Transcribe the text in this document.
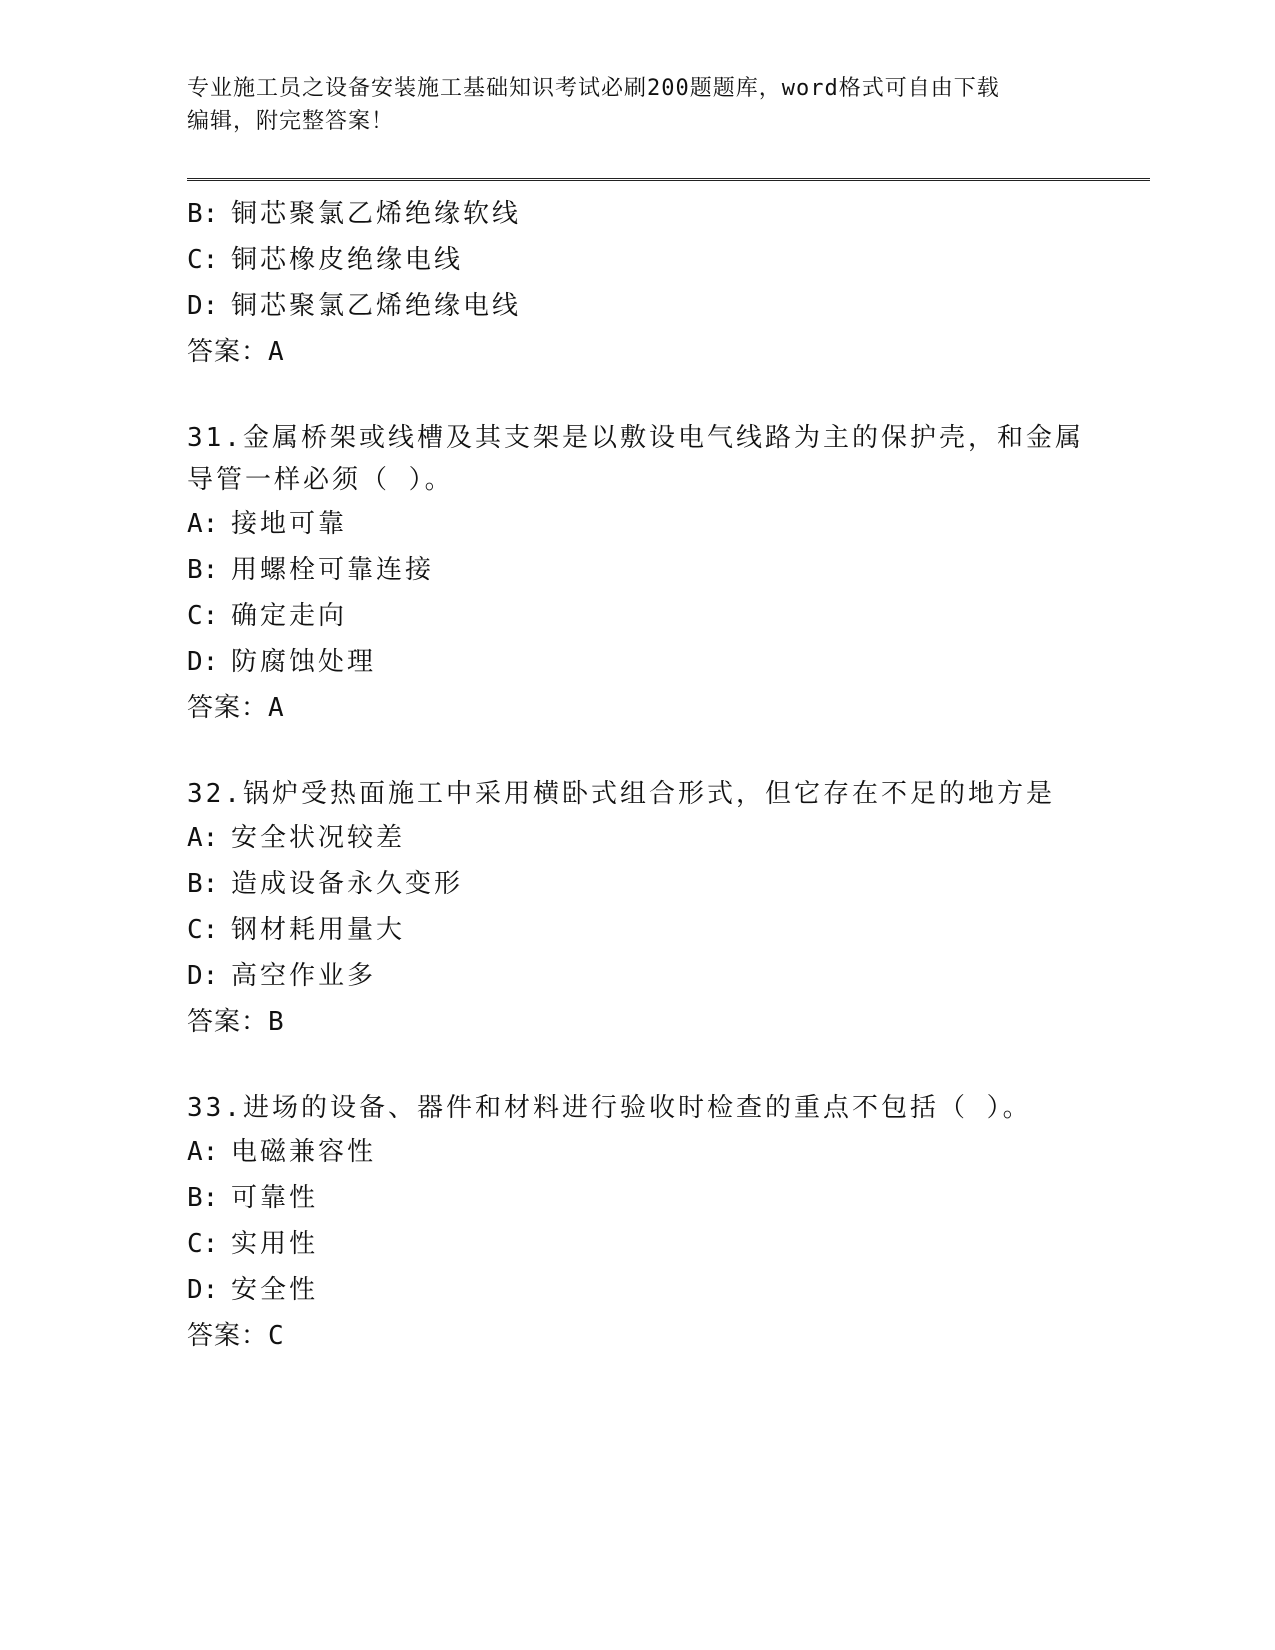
专业施工员之设备安装施工基础知识考试必刷200题题库，word格式可自由下载
编辑，附完整答案！
B: 铜芯聚氯乙烯绝缘软线
C: 铜芯橡皮绝缘电线
D: 铜芯聚氯乙烯绝缘电线
答案：A
31.金属桥架或线槽及其支架是以敷设电气线路为主的保护壳，和金属
导管一样必须（ ）。
A: 接地可靠
B: 用螺栓可靠连接
C: 确定走向
D: 防腐蚀处理
答案：A
32.锅炉受热面施工中采用横卧式组合形式，但它存在不足的地方是
A: 安全状况较差
B: 造成设备永久变形
C: 钢材耗用量大
D: 高空作业多
答案：B
33.进场的设备、器件和材料进行验收时检查的重点不包括（ ）。
A: 电磁兼容性
B: 可靠性
C: 实用性
D: 安全性
答案：C
